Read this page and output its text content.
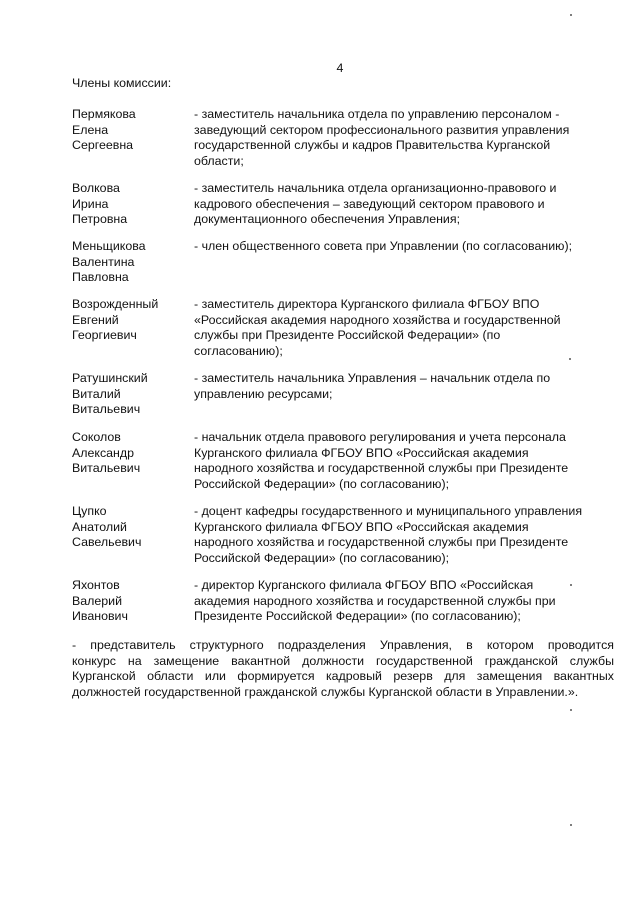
4
Члены комиссии:
Пермякова
Елена
Сергеевна
- заместитель начальника отдела по управлению персоналом -
заведующий сектором профессионального развития управления
государственной службы и кадров Правительства Курганской
области;
Волкова
Ирина
Петровна
- заместитель начальника отдела организационно-правового и
кадрового обеспечения – заведующий сектором правового и
документационного обеспечения Управления;
Меньщикова
Валентина
Павловна
- член общественного совета при Управлении (по согласованию);
Возрожденный
Евгений
Георгиевич
- заместитель директора Курганского филиала ФГБОУ ВПО
«Российская академия народного хозяйства и государственной
службы при Президенте Российской Федерации» (по
согласованию);
Ратушинский
Виталий
Витальевич
- заместитель начальника Управления – начальник отдела по
управлению ресурсами;
Соколов
Александр
Витальевич
- начальник отдела правового регулирования и учета персонала
Курганского филиала ФГБОУ ВПО «Российская академия
народного хозяйства и государственной службы при Президенте
Российской Федерации» (по согласованию);
Цупко
Анатолий
Савельевич
- доцент кафедры государственного и муниципального управления
Курганского филиала ФГБОУ ВПО «Российская академия
народного хозяйства и государственной службы при Президенте
Российской Федерации» (по согласованию);
Яхонтов
Валерий
Иванович
- директор Курганского филиала ФГБОУ ВПО «Российская
академия народного хозяйства и государственной службы при
Президенте Российской Федерации» (по согласованию);
- представитель структурного подразделения Управления, в котором проводится
конкурс на замещение вакантной должности государственной гражданской службы
Курганской области или формируется кадровый резерв для замещения вакантных
должностей государственной гражданской службы Курганской области в Управлении.».
